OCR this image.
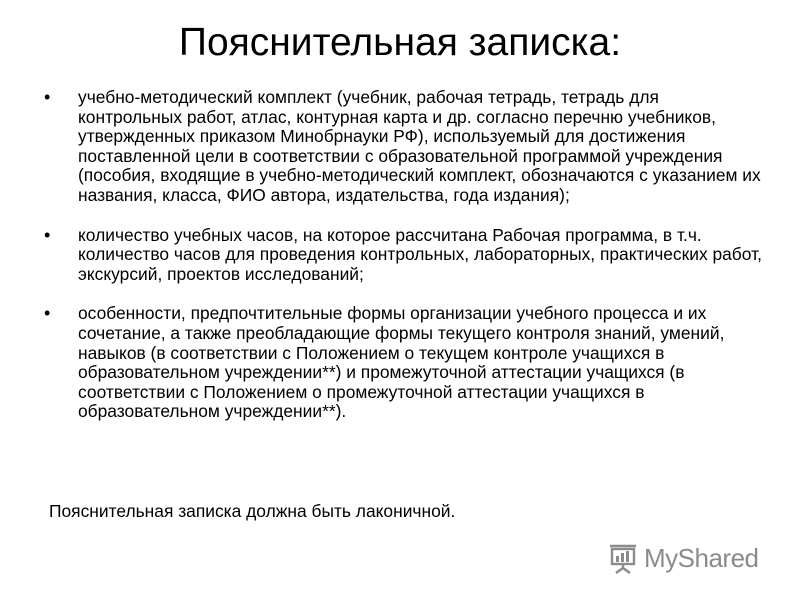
Пояснительная записка:
• учебно-методический комплект (учебник, рабочая тетрадь, тетрадь для контрольных работ, атлас, контурная карта и др. согласно перечню учебников, утвержденных приказом Минобрнауки РФ), используемый для достижения поставленной цели в соответствии с образовательной программой учреждения (пособия, входящие в учебно-методический комплект, обозначаются с указанием их названия, класса, ФИО автора, издательства, года издания);
• количество учебных часов, на которое рассчитана Рабочая программа, в т.ч. количество часов для проведения контрольных, лабораторных, практических работ, экскурсий, проектов исследований;
• особенности, предпочтительные формы организации учебного процесса и их сочетание, а также преобладающие формы текущего контроля знаний, умений, навыков (в соответствии с Положением о текущем контроле учащихся в образовательном учреждении**) и промежуточной аттестации учащихся (в соответствии с Положением о промежуточной аттестации учащихся в образовательном учреждении**).

Пояснительная записка должна быть лаконичной.

MyShared
